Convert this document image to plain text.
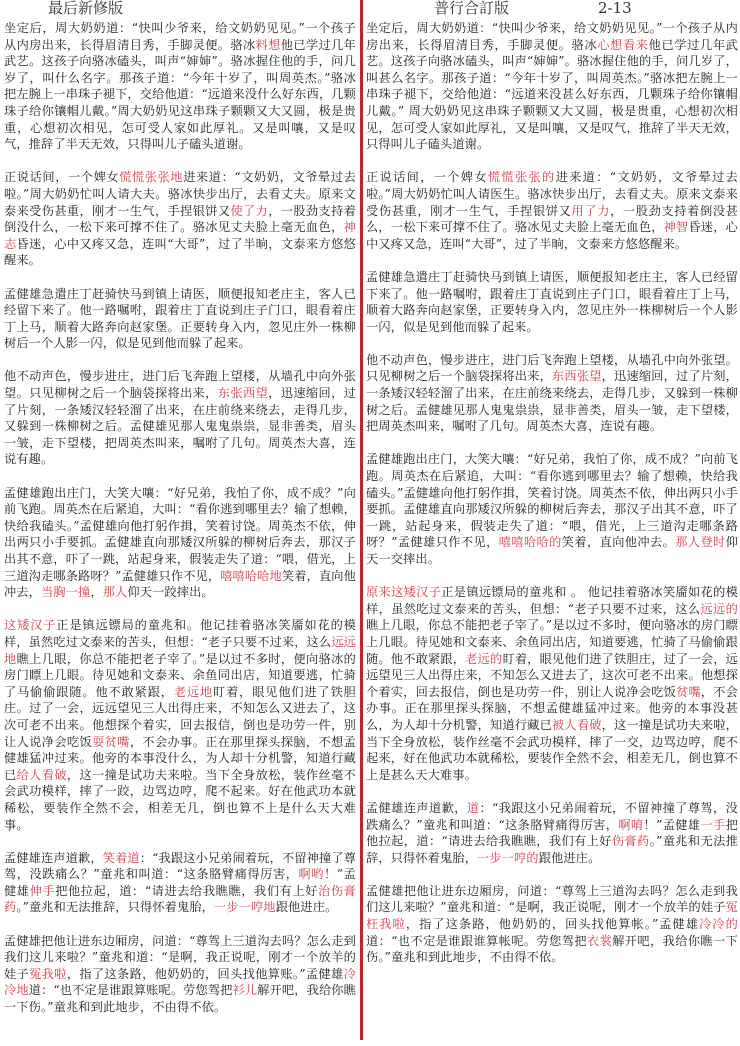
最后新修版

坐定后，周大奶奶道：“快叫少爷来，给文奶奶见见。”一个孩子从内房出来，长得眉清目秀，手脚灵便。骆冰料想他已学过几年武艺。这孩子向骆冰磕头，叫声“婶婶”。骆冰握住他的手，问几岁了，叫什么名字。那孩子道：“今年十岁了，叫周英杰。”骆冰把左腕上一串珠子褪下，交给他道：“远道来没什么好东西，几颗珠子给你镶帽儿戴。”周大奶奶见这串珠子颗颗又大又圆，极是贵重，心想初次相见，怎可受人家如此厚礼。又是叫嚷，又是叹气，推辞了半天无效，只得叫儿子磕头道谢。

正说话间，一个婢女慌慌张张地进来道：“文奶奶，文爷晕过去啦。”周大奶奶忙叫人请大夫。骆冰快步出厅，去看丈夫。原来文泰来受伤甚重，刚才一生气，手捏银饼又使了力，一股劲支持着倒没什么，一松下来可撑不住了。骆冰见丈夫脸上毫无血色，神志昏迷，心中又疼又急，连叫“大哥”，过了半晌，文泰来方悠悠醒来。

孟健雄急遣庄丁赶骑快马到镇上请医，顺便报知老庄主，客人已经留下来了。他一路嘱咐，跟着庄丁直说到庄子门口，眼看着庄丁上马，顺着大路奔向赵家堡。正要转身入内，忽见庄外一株柳树后一个人影一闪，似是见到他而躲了起来。

他不动声色，慢步进庄，进门后飞奔跑上望楼，从墙孔中向外张望。只见柳树之后一个脑袋探将出来，东张西望，迅速缩回，过了片刻，一条矮汉轻轻溜了出来，在庄前绕来绕去，走得几步，又躲到一株柳树之后。孟健雄见那人鬼鬼祟祟，显非善类，眉头一皱，走下望楼，把周英杰叫来，嘱咐了几句。周英杰大喜，连说有趣。

孟健雄跑出庄门，大笑大嚷：“好兄弟，我怕了你，成不成？”向前飞跑。周英杰在后紧追，大叫：“看你逃到哪里去？输了想赖，快给我磕头。”孟健雄向他打躬作揖，笑着讨饶。周英杰不依，伸出两只小手要抓。孟健雄直向那矮汉所躲的柳树后奔去，那汉子出其不意，吓了一跳，站起身来，假装走失了道：“喂，借光，上三道沟走哪条路呀？”孟健雄只作不见，嘻嘻哈哈地笑着，直向他冲去，当胸一撞，那人仰天一跤摔出。

这矮汉子正是镇远镖局的童兆和。他记挂着骆冰笑靥如花的模样，虽然吃过文泰来的苦头，但想：“老子只要不过来，这么远远地瞧上几眼，你总不能把老子宰了。”是以过不多时，便向骆冰的房门瞟上几眼。待见她和文泰来、余鱼同出店，知道要逃，忙骑了马偷偷跟随。他不敢紧跟，老远地盯着，眼见他们进了铁胆庄。过了一会，远远望见三人出得庄来，不知怎么又进去了，这次可老不出来。他想探个着实，回去报信，倒也是功劳一件，别让人说净会吃饭耍贫嘴，不会办事。正在那里探头探脑，不想孟健雄猛冲过来。他旁的本事没什么，为人却十分机警，知道行藏已给人看破，这一撞是试功夫来啦。当下全身放松，装作丝毫不会武功模样，摔了一跤，边骂边哼，爬不起来。好在他武功本就稀松，要装作全然不会，相差无几，倒也算不上是什么天大难事。

孟健雄连声道歉，笑着道：“我跟这小兄弟闹着玩，不留神撞了尊驾，没跌痛么？”童兆和叫道：“这条胳臂痛得厉害，啊哟！”孟健雄伸手把他拉起，道：“请进去给我瞧瞧，我们有上好治伤膏药。”童兆和无法推辞，只得怀着鬼胎，一步一哼地跟他进庄。

孟健雄把他让进东边厢房，问道：“尊驾上三道沟去吗？怎么走到我们这儿来啦？”童兆和道：“是啊，我正说呢，刚才一个放羊的娃子冤我啦，指了这条路，他奶奶的，回头找他算账。”孟健雄冷冷地道：“也不定是谁跟算账呢。劳您驾把衫儿解开吧，我给你瞧一下伤。”童兆和到此地步，不由得不依。

普行合訂版	2-13

坐定后，周大奶奶道：“快叫少爷来，给文奶奶见见。”一个孩子从内房出来，长得眉清目秀，手脚灵便。骆冰心想看来他已学过几年武艺。这孩子向骆冰磕头，叫声“婶婶”。骆冰握住他的手，问几岁了，叫甚么名字。那孩子道：“今年十岁了，叫周英杰。”骆冰把左腕上一串珠子褪下，交给他道：“远道来没甚么好东西，几颗珠子给你镶帽儿戴。” 周大奶奶见这串珠子颗颗又大又圆，极是贵重，心想初次相见，怎可受人家如此厚礼，又是叫嚷，又是叹气，推辞了半天无效，只得叫儿子磕头道谢。

正说话间，一个婢女慌慌张张的进来道：“文奶奶，文爷晕过去啦。”周大奶奶忙叫人请医生。骆冰快步出厅，去看丈夫。原来文泰来受伤甚重，刚才一生气，手捏银饼又用了力，一股劲支持着倒没甚么，一松下来可撑不住了。骆冰见丈夫脸上毫无血色，神智昏迷，心中又疼又急，连叫“大哥”，过了半晌，文泰来方悠悠醒来。

孟健雄急遣庄丁赶骑快马到镇上请医，顺便报知老庄主，客人已经留下来了。他一路嘱咐，跟着庄丁直说到庄子门口，眼看着庄丁上马，顺着大路奔向赵家堡，正要转身入内，忽见庄外一株柳树后一个人影一闪，似是见到他而躲了起来。

他不动声色，慢步进庄，进门后飞奔跑上望楼，从墙孔中向外张望。只见柳树之后一个脑袋探将出来，东西张望，迅速缩回，过了片刻，一条矮汉轻轻溜了出来，在庄前绕来绕去，走得几步，又躲到一株柳树之后。孟健雄见那人鬼鬼祟祟，显非善类，眉头一皱，走下望楼，把周英杰叫来，嘱咐了几句。周英杰大喜，连说有趣。

孟健雄跑出庄门，大笑大嚷：“好兄弟，我怕了你，成不成？”向前飞跑。周英杰在后紧追，大叫：“看你逃到哪里去？输了想赖，快给我磕头。”孟健雄向他打躬作揖，笑着讨饶。周英杰不依，伸出两只小手要抓。孟健雄直向那矮汉所躲的柳树后奔去，那汉子出其不意，吓了一跳，站起身来，假装走失了道：“喂，借光，上三道沟走哪条路呀？”孟健雄只作不见，嘻嘻哈哈的笑着，直向他冲去。那人登时仰天一交摔出。

原来这矮汉子正是镇远镖局的童兆和 。 他记挂着骆冰笑靥如花的模样，虽然吃过文泰来的苦头，但想：“老子只要不过来，这么远远的瞧上几眼，你总不能把老子宰了。”是以过不多时，便向骆冰的房门瞟上几眼。待见她和文泰来、余鱼同出店，知道要逃，忙骑了马偷偷跟随。他不敢紧跟，老远的盯着，眼见他们进了铁胆庄，过了一会，远远望见三人出得庄来，不知怎么又进去了，这次可老不出来。他想探个着实，回去报信，倒也是功劳一件，别让人说净会吃饭贫嘴，不会办事。正在那里探头探脑，不想孟健雄猛冲过来。他旁的本事没甚么，为人却十分机警，知道行藏已被人看破，这一撞是试功夫来啦，当下全身放松，装作丝毫不会武功模样，摔了一交，边骂边哼，爬不起来，好在他武功本就稀松，要装作全然不会，相差无几，倒也算不上是甚么天大难事。

孟健雄连声道歉，道：“我跟这小兄弟闹着玩，不留神撞了尊驾，没跌痛么？”童兆和叫道：“这条胳臂痛得厉害，啊唷！”孟健雄一手把他拉起，道：“请进去给我瞧瞧，我们有上好伤膏药。”童兆和无法推辞，只得怀着鬼胎，一步一哼的跟他进庄。

孟健雄把他让进东边厢房，问道：“尊驾上三道沟去吗？怎么走到我们这儿来啦？”童兆和道：“是啊，我正说呢，刚才一个放羊的娃子冤枉我啦，指了这条路，他奶奶的，回头找他算帐。”孟健雄冷冷的道：“也不定是谁跟谁算帐呢。劳您驾把衣裳解开吧，我给你瞧一下伤。”童兆和到此地步，不由得不依。
